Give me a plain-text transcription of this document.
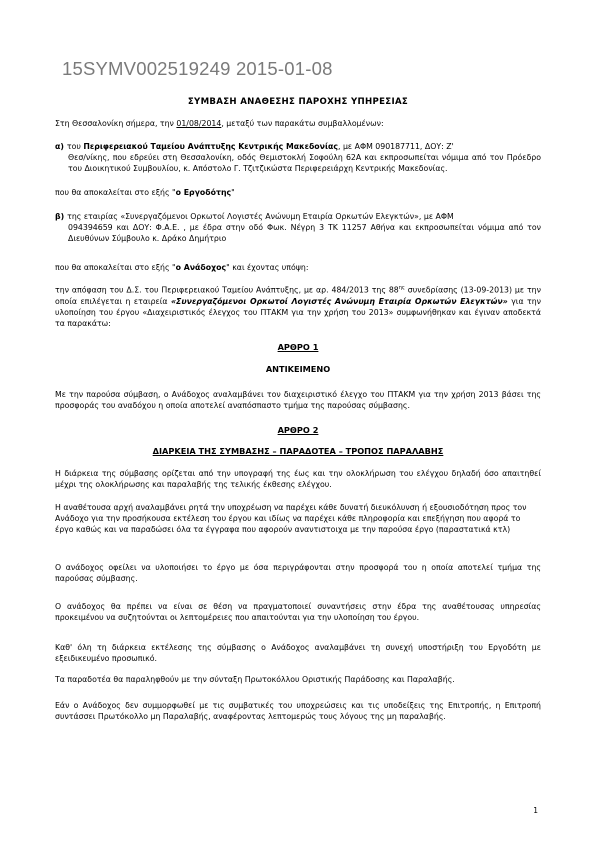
15SYMV002519249 2015-01-08
ΣΥΜΒΑΣΗ ΑΝΑΘΕΣΗΣ ΠΑΡΟΧΗΣ ΥΠΗΡΕΣΙΑΣ
Στη Θεσσαλονίκη σήμερα, την 01/08/2014, μεταξύ των παρακάτω συμβαλλομένων:
α) του Περιφερειακού Ταμείου Ανάπτυξης Κεντρικής Μακεδονίας, με ΑΦΜ 090187711, ΔΟΥ: Ζ'
Θεσ/νίκης, που εδρεύει στη Θεσσαλονίκη, οδός Θεμιστοκλή Σοφούλη 62Α και εκπροσωπείται νόμιμα από τον Πρόεδρο του Διοικητικού Συμβουλίου, κ. Απόστολο Γ. Τζιτζικώστα Περιφερειάρχη Κεντρικής Μακεδονίας.
που θα αποκαλείται στο εξής "ο Εργοδότης"
β) της εταιρίας «Συνεργαζόμενοι Ορκωτοί Λογιστές Ανώνυμη Εταιρία Ορκωτών Ελεγκτών», με ΑΦΜ
094394659 και ΔΟΥ: Φ.Α.Ε. , με έδρα στην οδό Φωκ. Νέγρη 3 ΤΚ 11257 Αθήνα και εκπροσωπείται νόμιμα από τον Διευθύνων Σύμβουλο κ. Δράκο Δημήτριο
που θα αποκαλείται στο εξής "ο Ανάδοχος" και έχοντας υπόψη:
την απόφαση του Δ.Σ. του Περιφερειακού Ταμείου Ανάπτυξης, με αρ. 484/2013 της $88^{\eta\varsigma}$ συνεδρίασης (13-09-2013) με την οποία επιλέγεται η εταιρεία «Συνεργαζόμενοι Ορκωτοί Λογιστές Ανώνυμη Εταιρία Ορκωτών Ελεγκτών» για την υλοποίηση του έργου «Διαχειριστικός έλεγχος του ΠΤΑΚΜ για την χρήση του 2013» συμφωνήθηκαν και έγιναν αποδεκτά τα παρακάτω:
ΑΡΘΡΟ 1
ΑΝΤΙΚΕΙΜΕΝΟ
Με την παρούσα σύμβαση, ο Ανάδοχος αναλαμβάνει τον διαχειριστικό έλεγχο του ΠΤΑΚΜ για την χρήση 2013 βάσει της προσφοράς του αναδόχου η οποία αποτελεί αναπόσπαστο τμήμα της παρούσας σύμβασης.
ΑΡΘΡΟ 2
ΔΙΑΡΚΕΙΑ ΤΗΣ ΣΥΜΒΑΣΗΣ – ΠΑΡΑΔΟΤΕΑ – ΤΡΟΠΟΣ ΠΑΡΑΛΑΒΗΣ
Η διάρκεια της σύμβασης ορίζεται από την υπογραφή της έως και την ολοκλήρωση του ελέγχου δηλαδή όσο απαιτηθεί μέχρι της ολοκλήρωσης και παραλαβής της τελικής έκθεσης ελέγχου.
Η αναθέτουσα αρχή αναλαμβάνει ρητά την υποχρέωση να παρέχει κάθε δυνατή διευκόλυνση ή εξουσιοδότηση προς τον Ανάδοχο για την προσήκουσα εκτέλεση του έργου και ιδίως να παρέχει κάθε πληροφορία και επεξήγηση που αφορά το έργο καθώς και να παραδώσει όλα τα έγγραφα που αφορούν αναντιστοιχα με την παρούσα έργο (παραστατικά κτλ)
Ο ανάδοχος οφείλει να υλοποιήσει το έργο με όσα περιγράφονται στην προσφορά του η οποία αποτελεί τμήμα της παρούσας σύμβασης.
Ο ανάδοχος θα πρέπει να είναι σε θέση να πραγματοποιεί συναντήσεις στην έδρα της αναθέτουσας υπηρεσίας προκειμένου να συζητούνται οι λεπτομέρειες που απαιτούνται για την υλοποίηση του έργου.
Καθ' όλη τη διάρκεια εκτέλεσης της σύμβασης ο Ανάδοχος αναλαμβάνει τη συνεχή υποστήριξη του Εργοδότη με εξειδικευμένο προσωπικό.
Τα παραδοτέα θα παραληφθούν με την σύνταξη Πρωτοκόλλου Οριστικής Παράδοσης και Παραλαβής.
Εάν ο Ανάδοχος δεν συμμορφωθεί με τις συμβατικές του υποχρεώσεις και τις υποδείξεις της Επιτροπής, η Επιτροπή συντάσσει Πρωτόκολλο μη Παραλαβής, αναφέροντας λεπτομερώς τους λόγους της μη παραλαβής.
1
